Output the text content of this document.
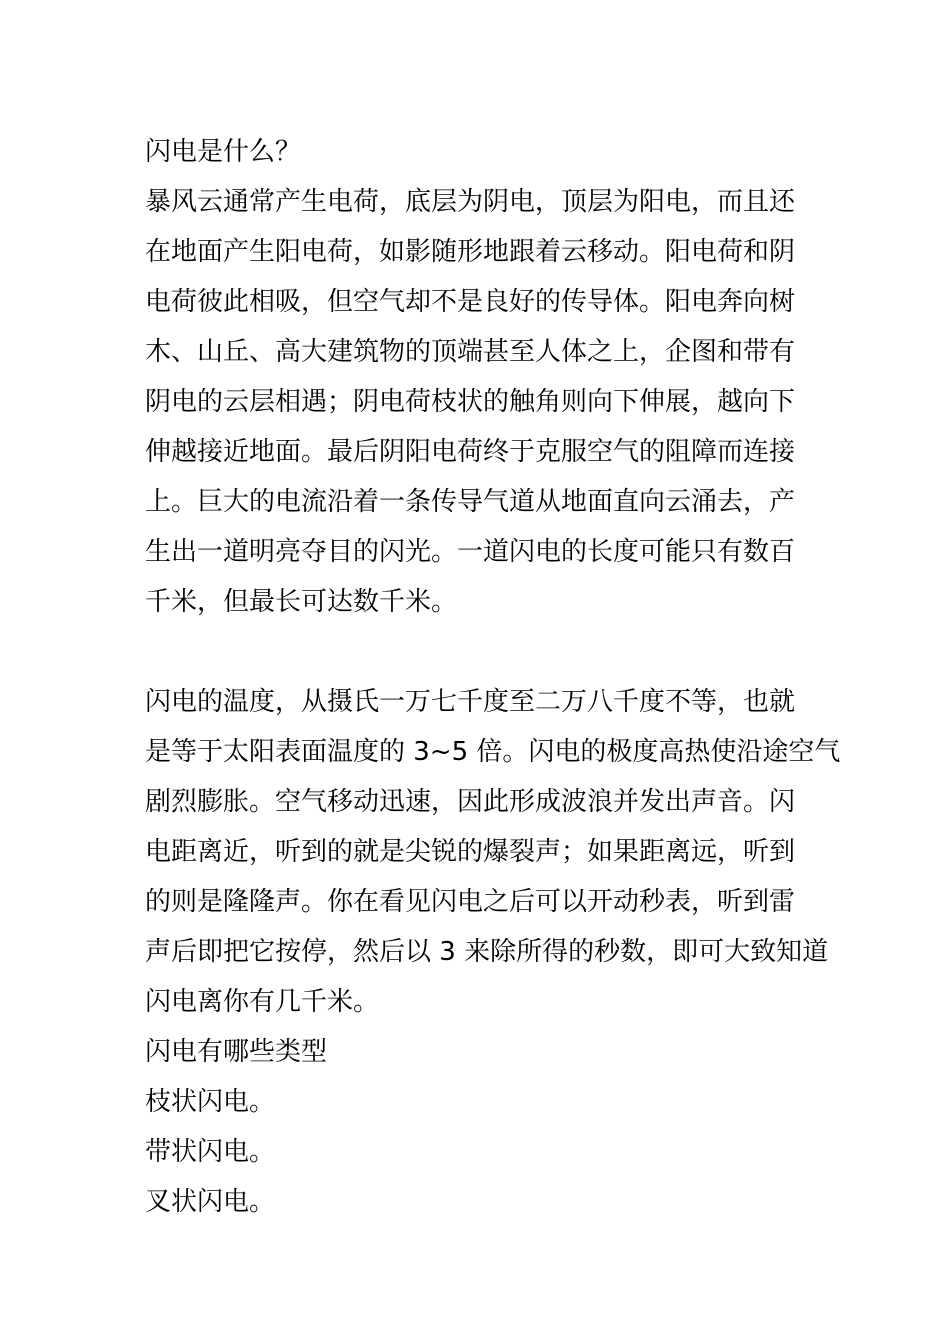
闪电是什么？
暴风云通常产生电荷，底层为阴电，顶层为阳电，而且还
在地面产生阳电荷，如影随形地跟着云移动。阳电荷和阴
电荷彼此相吸，但空气却不是良好的传导体。阳电奔向树
木、山丘、高大建筑物的顶端甚至人体之上，企图和带有
阴电的云层相遇；阴电荷枝状的触角则向下伸展，越向下
伸越接近地面。最后阴阳电荷终于克服空气的阻障而连接
上。巨大的电流沿着一条传导气道从地面直向云涌去，产
生出一道明亮夺目的闪光。一道闪电的长度可能只有数百
千米，但最长可达数千米。
闪电的温度，从摄氏一万七千度至二万八千度不等，也就
是等于太阳表面温度的 3~5 倍。闪电的极度高热使沿途空气
剧烈膨胀。空气移动迅速，因此形成波浪并发出声音。闪
电距离近，听到的就是尖锐的爆裂声；如果距离远，听到
的则是隆隆声。你在看见闪电之后可以开动秒表，听到雷
声后即把它按停，然后以 3 来除所得的秒数，即可大致知道
闪电离你有几千米。
闪电有哪些类型
枝状闪电。
带状闪电。
叉状闪电。
